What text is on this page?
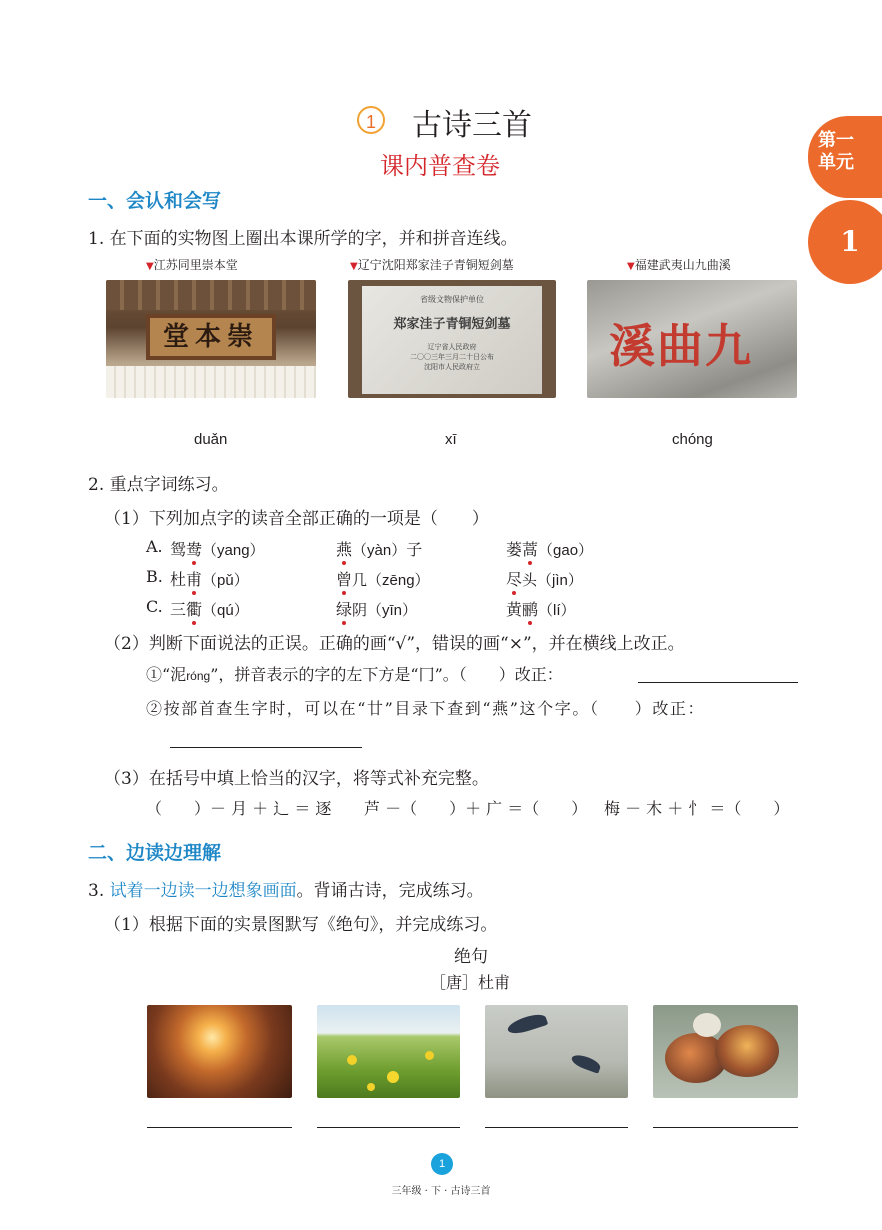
1	古诗三首
课内普查卷
第一
单元
1
一、会认和会写
1. 在下面的实物图上圈出本课所学的字，并和拼音连线。
▼江苏同里崇本堂	▼辽宁沈阳郑家洼子青铜短剑墓	▼福建武夷山九曲溪
堂本崇
省级文物保护单位
郑家洼子青铜短剑墓
辽宁省人民政府
二〇〇三年三月二十日公布
沈阳市人民政府立	溪曲九
duǎn	xī	chóng
2. 重点字词练习。
（1）下列加点字的读音全部正确的一项是（　　）
A. 鸳鸯（yang）	燕（yàn）子	蒌蒿（gao）
B. 杜甫（pǔ）	曾几（zēng）	尽头（jìn）
C. 三衢（qú）	绿阴（yīn）	黄鹂（lí）
（2）判断下面说法的正误。正确的画“√”，错误的画“×”，并在横线上改正。
①“泥róng”，拼音表示的字的左下方是“冂”。（　　）改正：
②按部首查生字时，可以在“廿”目录下查到“燕”这个字。（　　）改正：
（3）在括号中填上恰当的汉字，将等式补充完整。
（　　）－ 月 ＋ 辶 ＝ 逐 芦 －（　　）＋ 广 ＝（　　） 梅 － 木 ＋ 忄 ＝（　　）
二、边读边理解
3. 试着一边读一边想象画面。背诵古诗，完成练习。
（1）根据下面的实景图默写《绝句》，并完成练习。
绝句
［唐］杜甫
1
三年级 · 下 · 古诗三首
